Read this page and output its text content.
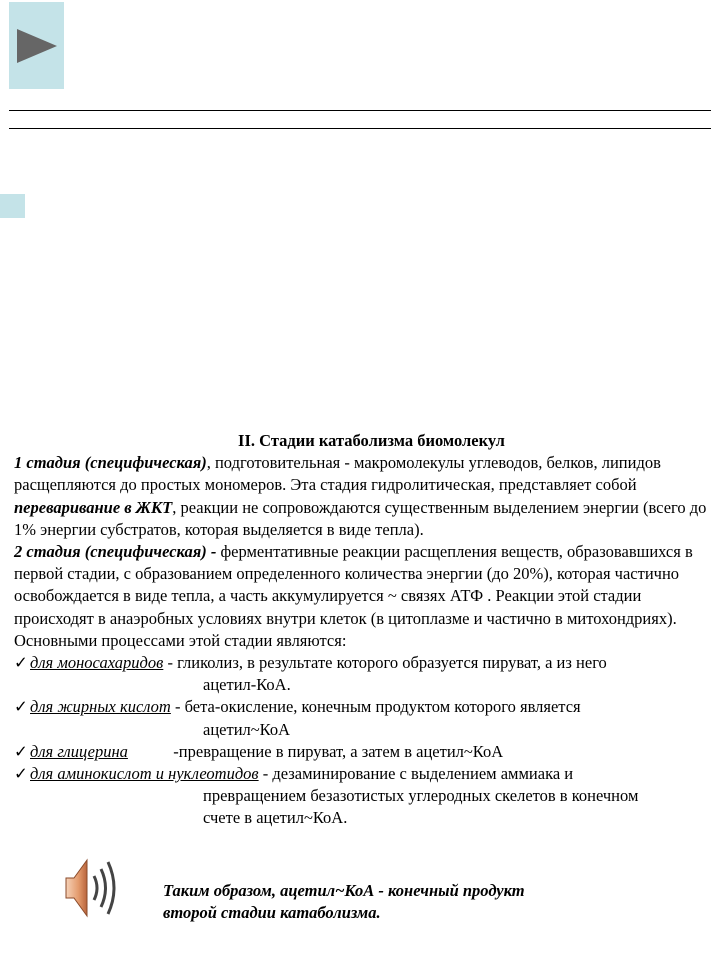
II. Стадии катаболизма биомолекул

1 стадия (специфическая), подготовительная - макромолекулы углеводов, белков, липидов расщепляются до простых мономеров. Эта стадия гидролитическая, представляет собой переваривание в ЖКТ, реакции не сопровождаются существенным выделением энергии (всего до 1% энергии субстратов, которая выделяется в виде тепла).

2 стадия (специфическая) - ферментативные реакции расщепления веществ, образовавшихся в первой стадии, с образованием определенного количества энергии (до 20%), которая частично освобождается в виде тепла, а часть аккумулируется ~ связях АТФ . Реакции этой стадии происходят в анаэробных условиях внутри клеток (в цитоплазме и частично в митохондриях).

Основными процессами этой стадии являются:

✓ для моносахаридов - гликолиз, в результате которого образуется пируват, а из него
ацетил-КоА.
✓ для жирных кислот - бета-окисление, конечным продуктом которого является
ацетил~КоА
✓ для глицерина           -превращение в пируват, а затем в ацетил~КоА
✓ для аминокислот и нуклеотидов - дезаминирование с выделением аммиака и
превращением безазотистых углеродных скелетов в конечном
счете в ацетил~КоА.
Таким образом, ацетил~КоА - конечный продукт
второй стадии катаболизма.
